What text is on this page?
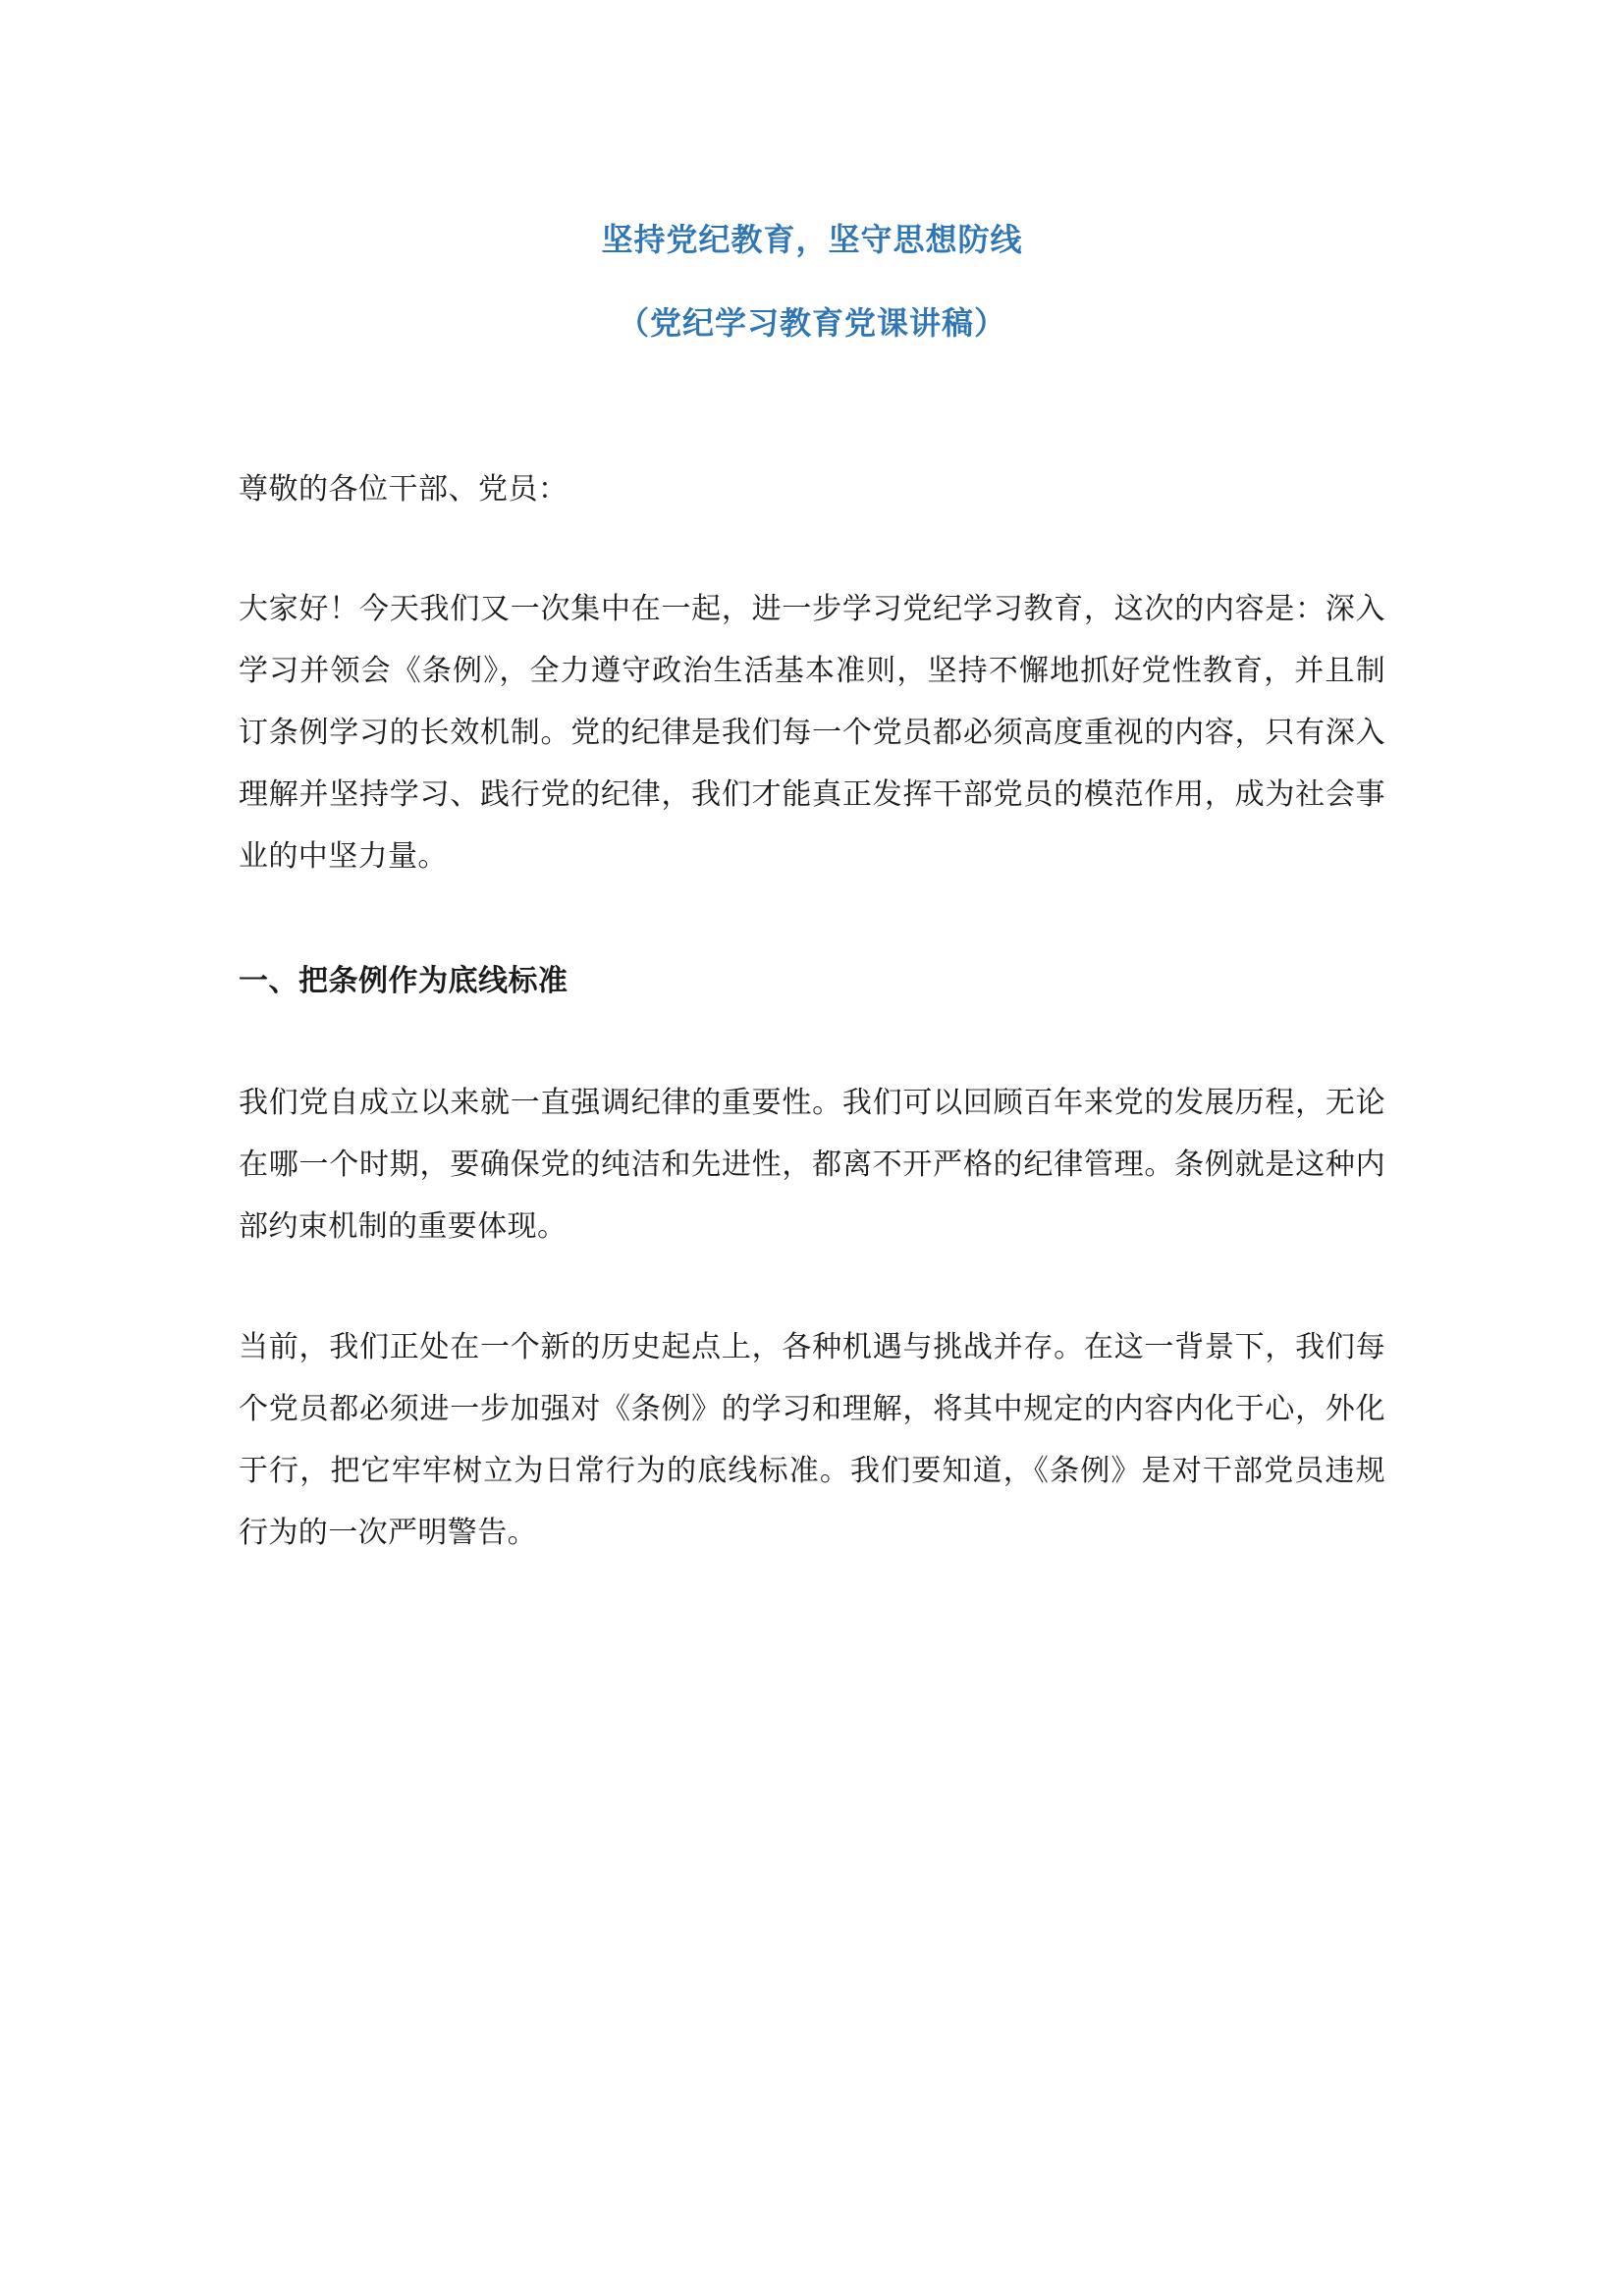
坚持党纪教育，坚守思想防线
（党纪学习教育党课讲稿）
尊敬的各位干部、党员：
大家好！今天我们又一次集中在一起，进一步学习党纪学习教育，这次的内容是：深入学习并领会《条例》，全力遵守政治生活基本准则，坚持不懈地抓好党性教育，并且制订条例学习的长效机制。党的纪律是我们每一个党员都必须高度重视的内容，只有深入理解并坚持学习、践行党的纪律，我们才能真正发挥干部党员的模范作用，成为社会事业的中坚力量。
一、把条例作为底线标准
我们党自成立以来就一直强调纪律的重要性。我们可以回顾百年来党的发展历程，无论在哪一个时期，要确保党的纯洁和先进性，都离不开严格的纪律管理。条例就是这种内部约束机制的重要体现。
当前，我们正处在一个新的历史起点上，各种机遇与挑战并存。在这一背景下，我们每个党员都必须进一步加强对《条例》的学习和理解，将其中规定的内容内化于心，外化于行，把它牢牢树立为日常行为的底线标准。我们要知道，《条例》是对干部党员违规行为的一次严明警告。
